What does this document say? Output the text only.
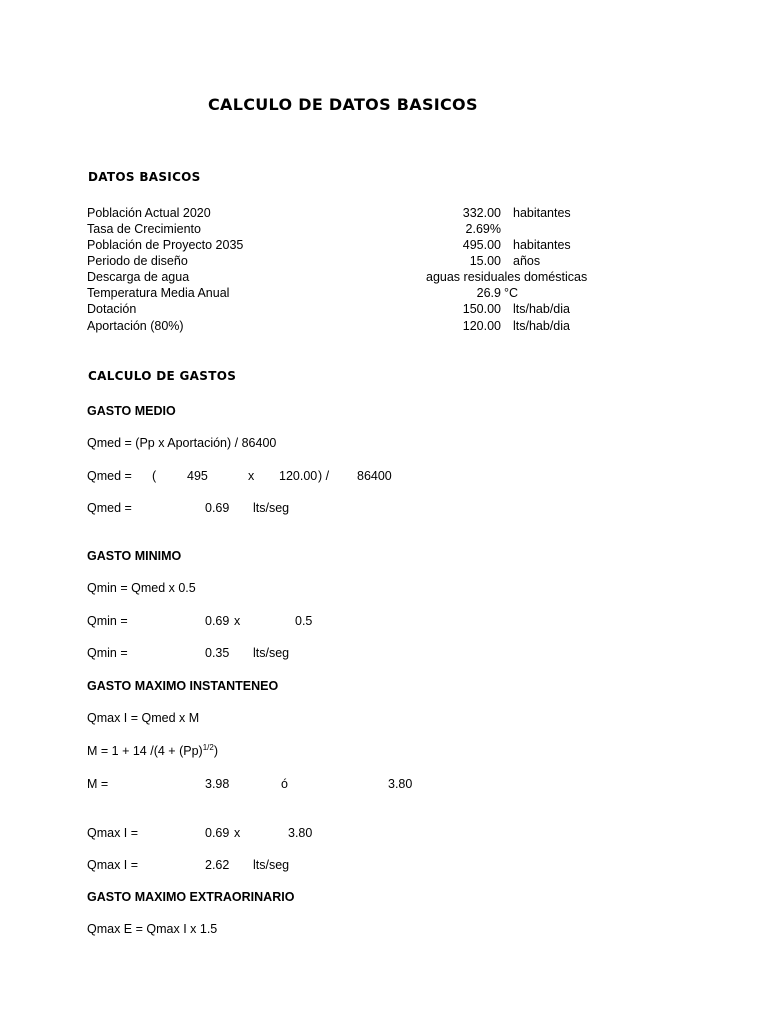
CALCULO DE DATOS BASICOS
DATOS BASICOS
Población Actual 2020	332.00 habitantes
Tasa de Crecimiento	2.69%
Población de Proyecto 2035	495.00 habitantes
Periodo de diseño	15.00 años
Descarga de agua	aguas residuales domésticas
Temperatura Media Anual	26.9 °C
Dotación	150.00 lts/hab/dia
Aportación (80%)	120.00 lts/hab/dia
CALCULO DE GASTOS
GASTO MEDIO
Qmed = (Pp x Aportación) / 86400
Qmed = ( 495	x 120.00 ) / 86400
Qmed =	0.69 lts/seg
GASTO MINIMO
Qmin = Qmed x 0.5
Qmin =	0.69 x	0.5
Qmin =	0.35 lts/seg
GASTO MAXIMO INSTANTENEO
Qmax I = Qmed x M
M = 1 + 14 $/(4 + (Pp)^{1/2})$
M =	3.98	ó	3.80
Qmax I =	0.69 x	3.80
Qmax I =	2.62 lts/seg
GASTO MAXIMO EXTRAORINARIO
Qmax E = Qmax I x 1.5
